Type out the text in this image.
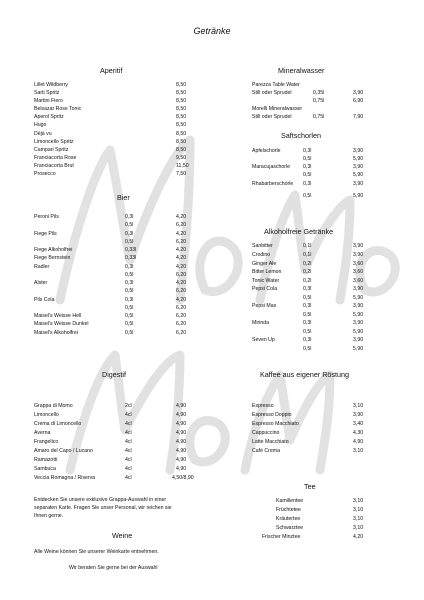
Getränke
Aperitif
Bier
Digestif
Weine
Mineralwasser
Saftschorlen
Alkoholfreie Getränke
Kaffee aus eigener Röstung
Tee
Lillet Wildberry	8,50
Sarti Spritz	8,50
Martini Fiero	8,50
Belsazar Rose Tonic	8,50
Aperol Spritz	8,50
Hugo	8,50
Déjà vu	8,50
Limoncello Spritz	8,50
Campari Spritz	8,50
Franciacorta Rose	9,50
Franciacorta Brut	11,50
Prosecco	7,50
Peroni Pils	0,3l	4,20
0,5l	6,20
Fiege Pils	0,3l	4,20
0,5l	6,20
Fiege Alkoholfrei	0,33l	4,20
Fiege Bernstein	0,33l	4,20
Radler	0,3l	4,20
0,5l	6,20
Alster	0,3l	4,20
0,5l	6,20
Pils Cola	0,3l	4,20
0,5l	6,20
Maisel's Weisse Hell	0,5l	6,20
Maisel's Weisse Dunkel	0,5l	6,20
Maisel's Alkoholfrei	0,5l	6,20
Grappa di Momo	2cl	4,90
Limoncello	4cl	4,90
Crema di Limoncello	4cl	4,90
Averna	4cl	4,90
Frangelico	4cl	4,90
Amaro del Capo / Lucano	4cl	4,90
Ramazotti	4cl	4,90
Sambuca	4cl	4,90
Veccia Romagna / Riserva	4cl	4,50/8,90
Entdecken Sie unsere exklusive Grappa-Auswahl in einer
separaten Karte. Fragen Sie unser Personal, wir reichen sie
Ihnen gerne.
Alle Weine können Sie unserer Weinkarte entnehmen.
Wir beraten Sie gerne bei der Auswahl
Parezza Table Water
Still oder Sprudel	0,35l	3,90
0,75l	6,90
Morelli Mineralwasser
Still oder Sprudel	0,75l	7,90
Apfelschorle	0,3l	3,90
0,5l	5,90
Maracujaschorle 0,3l	3,90
0,5l	5,90
Rhabarberschorle 0,3l	3,90
0,5l	5,90
Sanbitter	0,1l	3,90
Crodino	0,1l	3,90
Ginger Ale	0,2l	3,60
Bitter Lemon	0,2l	3,60
Tonic Water	0,2l	3,60
Pepsi Cola	0,3l	3,90
0,5l	5,90
Pepsi Max	0,3l	3,90
0,5l	5,90
Mirinda	0,3l	3,90
0,5l	5,90
Seven Up	0,3l	3,90
0,5l	5,90
Espresso	3,10
Espresso Doppio	3,90
Espresso Macchiato	3,40
Cappuccino	4,30
Latte Macchiato	4,90
Café Crema	3,10
Kamillentee	3,10
Früchtetee	3,10
Kräutertee	3,10
Schwarztee	3,10
Frischer Minztee	4,20
